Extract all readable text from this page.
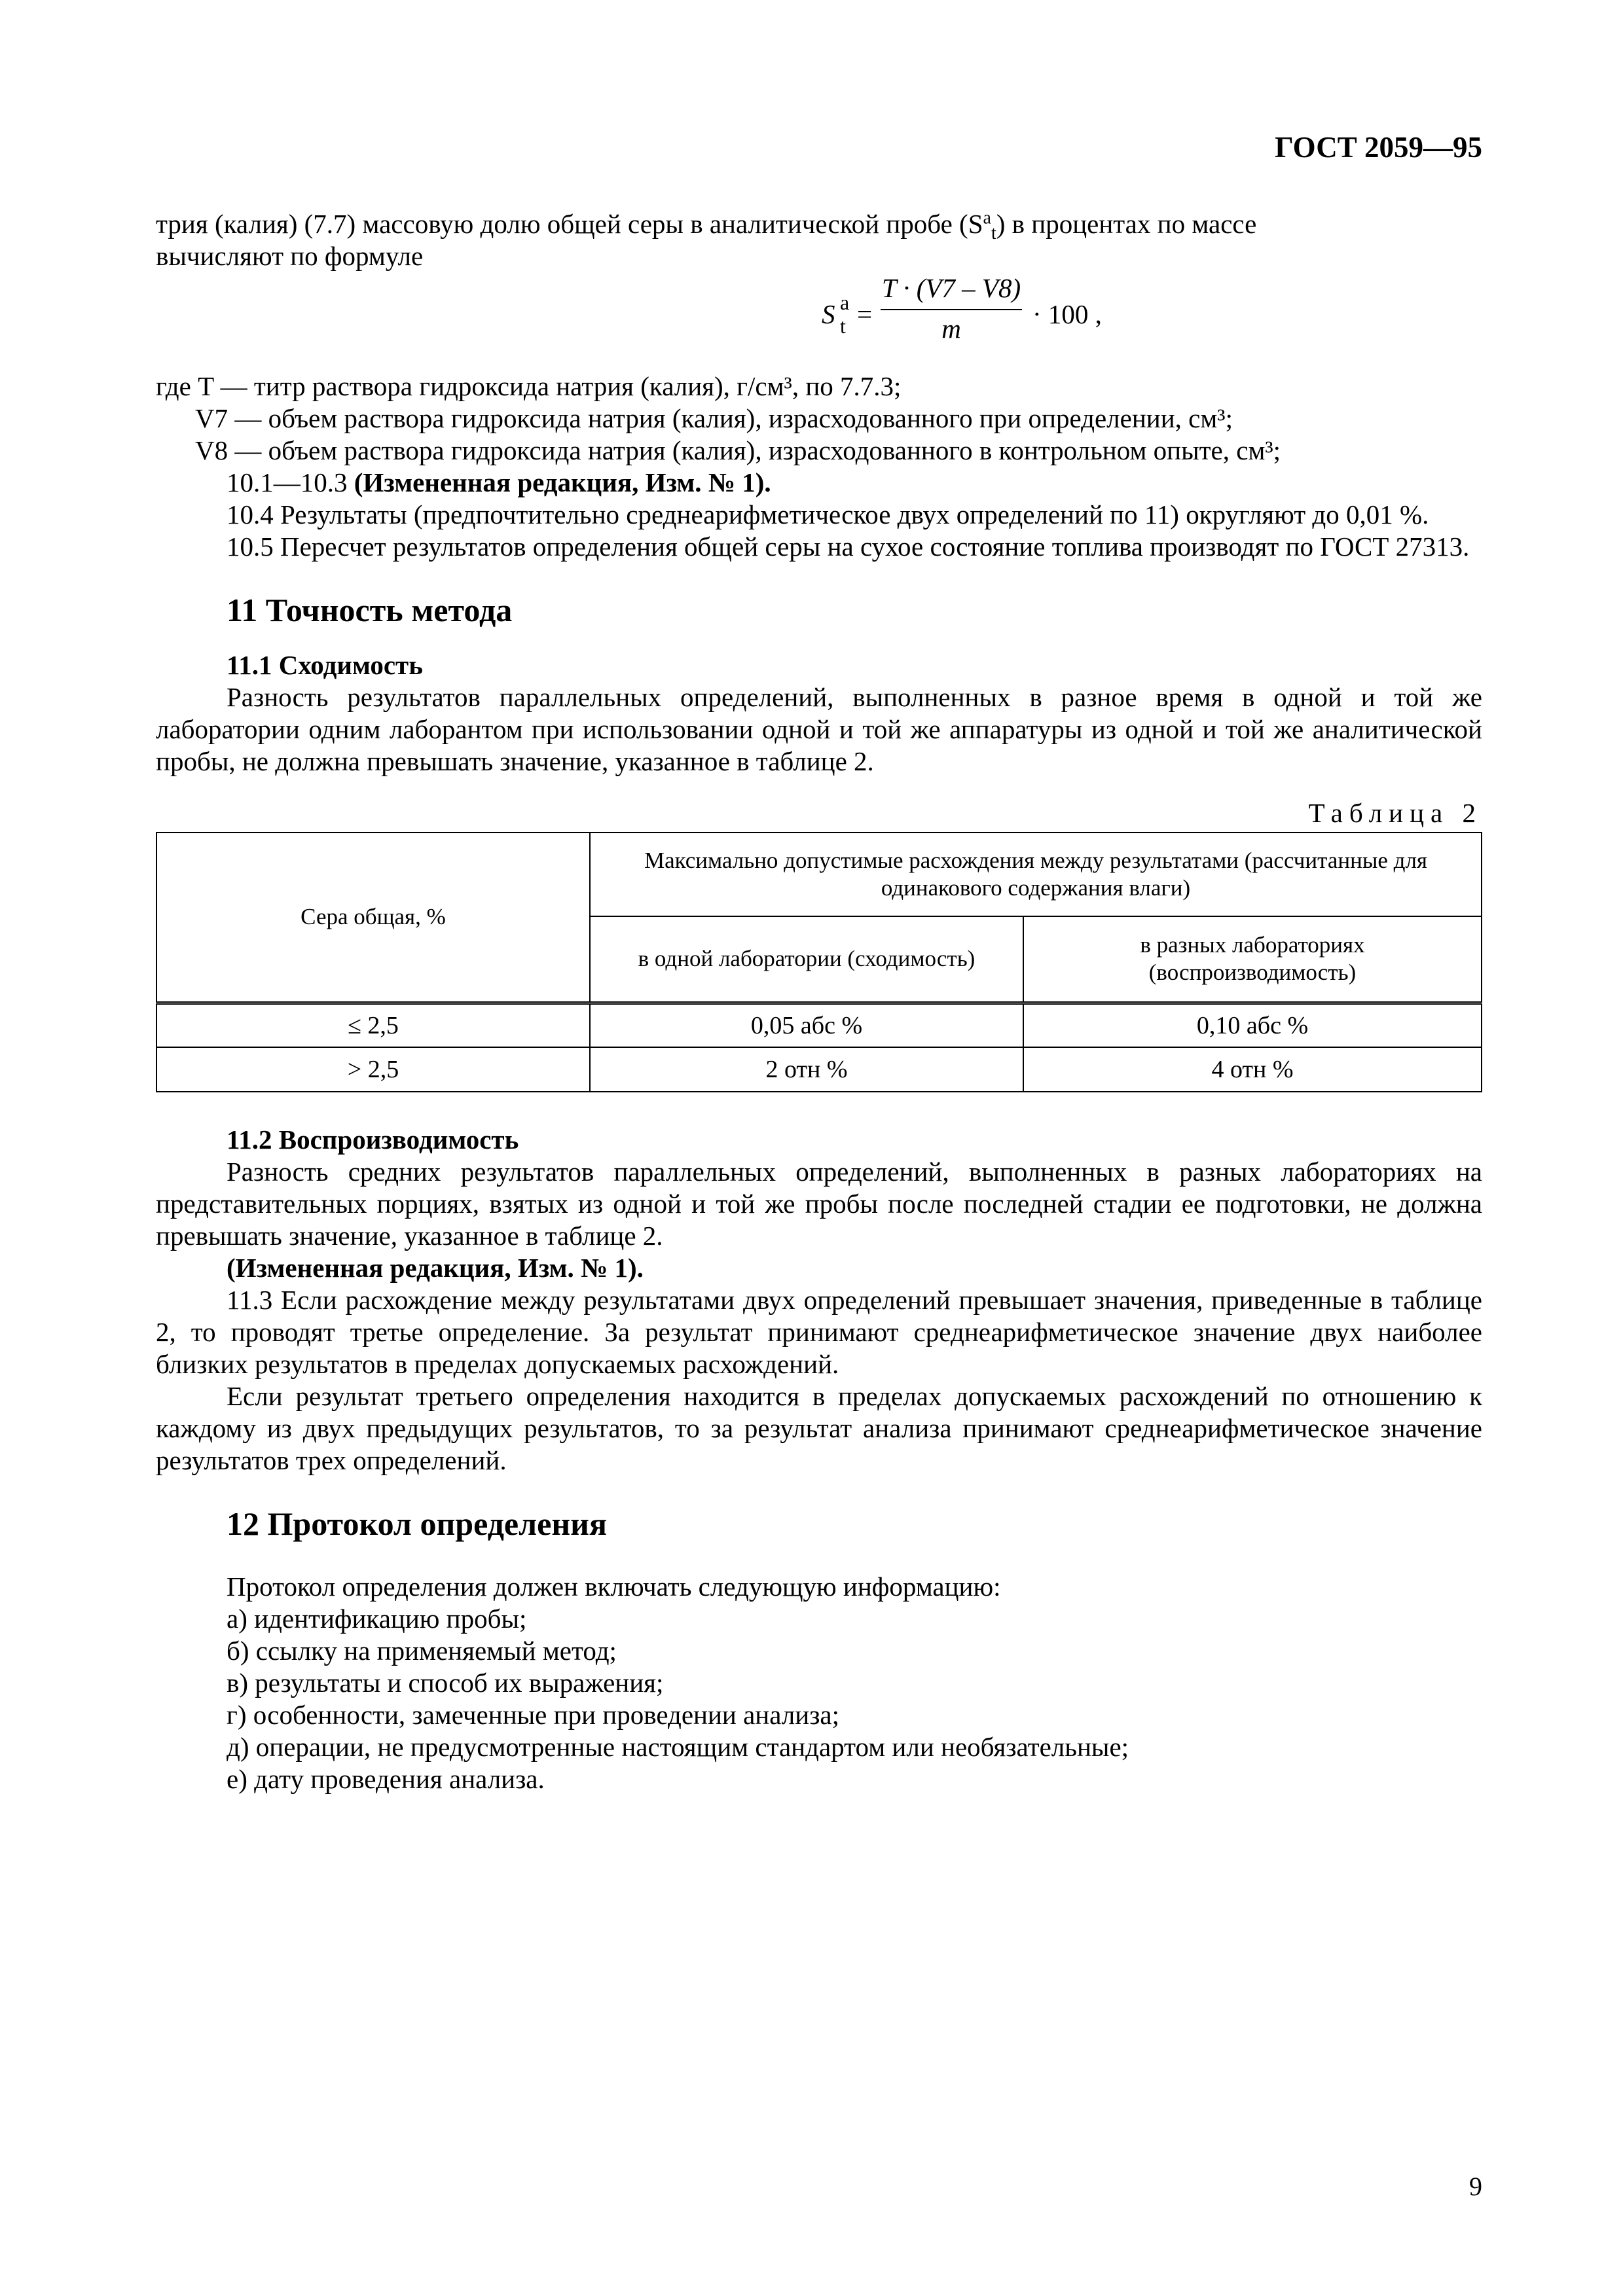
ГОСТ 2059—95

трия (калия) (7.7) массовую долю общей серы в аналитической пробе $(S^a_t)$ в процентах по массе
вычисляют по формуле

S a
t =
T · (V7 – V8)
m	· 100 ,

где T — титр раствора гидроксида натрия (калия), г/см³, по 7.7.3;

V7 — объем раствора гидроксида натрия (калия), израсходованного при определении, см³;

V8 — объем раствора гидроксида натрия (калия), израсходованного в контрольном опыте, см³;

10.1—10.3 (Измененная редакция, Изм. № 1).

10.4 Результаты (предпочтительно среднеарифметическое двух определений по 11) округляют до 0,01 %.

10.5 Пересчет результатов определения общей серы на сухое состояние топлива производят по ГОСТ 27313.

11 Точность метода

11.1 Сходимость

Разность результатов параллельных определений, выполненных в разное время в одной и той же лаборатории одним лаборантом при использовании одной и той же аппаратуры из одной и той же аналитической пробы, не должна превышать значение, указанное в таблице 2.

Таблица 2

Сера общая, %	Максимально допустимые расхождения между результатами (рассчитанные для одинакового содержания влаги)	
	в одной лаборатории (сходимость)	в разных лабораториях (воспроизводимость)
≤ 2,5	0,05 абс %	0,10 абс %
> 2,5	2 отн %	4 отн %

11.2 Воспроизводимость

Разность средних результатов параллельных определений, выполненных в разных лабораториях на представительных порциях, взятых из одной и той же пробы после последней стадии ее подготовки, не должна превышать значение, указанное в таблице 2.

(Измененная редакция, Изм. № 1).

11.3 Если расхождение между результатами двух определений превышает значения, приведенные в таблице 2, то проводят третье определение. За результат принимают среднеарифметическое значение двух наиболее близких результатов в пределах допускаемых расхождений.

Если результат третьего определения находится в пределах допускаемых расхождений по отношению к каждому из двух предыдущих результатов, то за результат анализа принимают среднеарифметическое значение результатов трех определений.

12 Протокол определения

Протокол определения должен включать следующую информацию:

а) идентификацию пробы;

б) ссылку на применяемый метод;

в) результаты и способ их выражения;

г) особенности, замеченные при проведении анализа;

д) операции, не предусмотренные настоящим стандартом или необязательные;

е) дату проведения анализа.

9
